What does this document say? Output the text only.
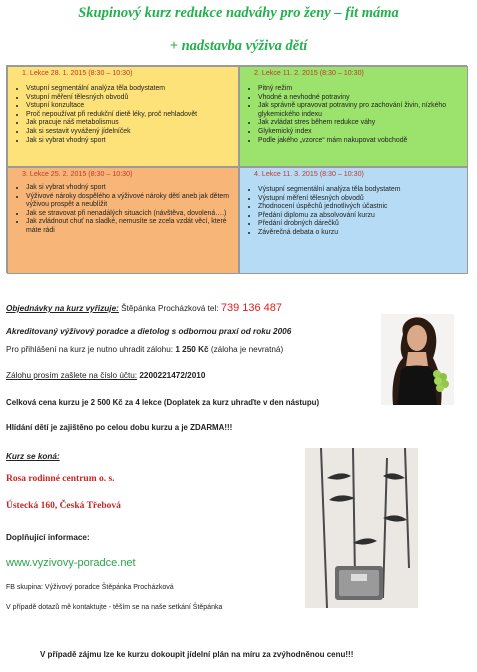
Skupinový kurz redukce nadváhy pro ženy – fit máma
+ nadstavba výživa dětí
1. Lekce 28. 1. 2015 (8:30 – 10:30)
• Vstupní segmentální analýza těla bodystatem
• Vstupní měření tělesných obvodů
• Vstupní konzultace
• Proč nepoužívat při redukční dietě léky, proč nehladovět
• Jak pracuje náš metabolismus
• Jak si sestavit vyvážený jídelníček
• Jak si vybrat vhodný sport
2. Lekce 11. 2. 2015 (8:30 – 10:30)
• Pitný režim
• Vhodné a nevhodné potraviny
• Jak správně upravovat potraviny pro zachování živin, nízkého glykemického indexu
• Jak zvládat stres během redukce váhy
• Glykemický index
• Podle jakého „vzorce“ mám nakupovat vobchodě
3. Lekce 25. 2. 2015 (8:30 – 10:30)
• Jak si vybrat vhodný sport
• Výživové nároky dospělého a výživové nároky dětí aneb jak dětem výživou prospět a neublížit
• Jak se stravovat při nenadálých situacích (návštěva, dovolená….)
• Jak zvládnout chuť na sladké, nemusíte se zcela vzdát věcí, které máte rádi
4. Lekce 11. 3. 2015 (8:30 – 10:30)
• Výstupní segmentální analýza těla bodystatem
• Výstupní měření tělesných obvodů
• Zhodnocení úspěchů jednotlivých účastnic
• Předání diplomu za absolvování kurzu
• Předání drobných dárečků
• Závěrečná debata o kurzu
Objednávky na kurz vyřizuje: Štěpánka Procházková tel: 739 136 487
Akreditovaný výživový poradce a dietolog s odbornou praxí od roku 2006
Pro přihlášení na kurz je nutno uhradit zálohu: 1 250 Kč (záloha je nevratná)
Zálohu prosím zašlete na číslo účtu: 2200221472/2010
Celková cena kurzu je 2 500 Kč za 4 lekce (Doplatek za kurz uhraďte v den nástupu)
Hlídání dětí je zajištěno po celou dobu kurzu a je ZDARMA!!!
Kurz se koná:
Rosa rodinné centrum o. s.
Ústecká 160, Česká Třebová
Doplňující informace:
www.vyzivovy-poradce.net
FB skupina: Výživový poradce Štěpánka Procházková
V případě dotazů mě kontaktujte - těším se na naše setkání Štěpánka
V případě zájmu lze ke kurzu dokoupit jídelní plán na míru za zvýhodněnou cenu!!!
